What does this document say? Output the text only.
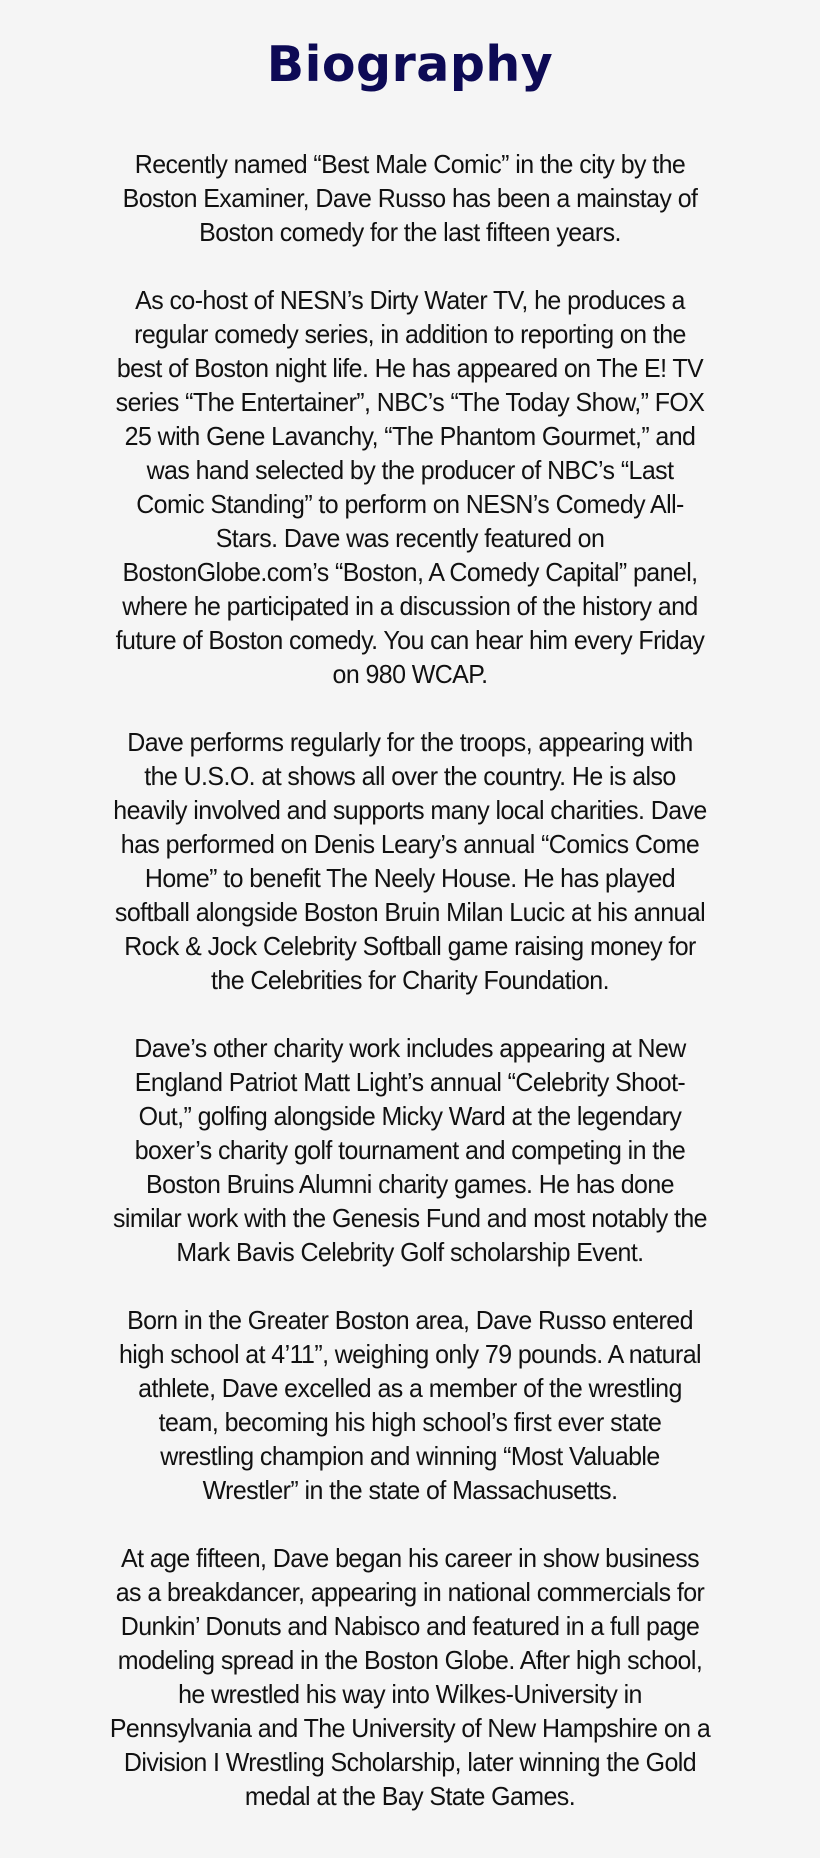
Biography

Recently named “Best Male Comic” in the city by the
Boston Examiner, Dave Russo has been a mainstay of
Boston comedy for the last fifteen years.

As co-host of NESN’s Dirty Water TV, he produces a
regular comedy series, in addition to reporting on the
best of Boston night life. He has appeared on The E! TV
series “The Entertainer”, NBC’s “The Today Show,” FOX
25 with Gene Lavanchy, “The Phantom Gourmet,” and
was hand selected by the producer of NBC’s “Last
Comic Standing” to perform on NESN’s Comedy All-
Stars. Dave was recently featured on
BostonGlobe.com’s “Boston, A Comedy Capital” panel,
where he participated in a discussion of the history and
future of Boston comedy. You can hear him every Friday
on 980 WCAP.

Dave performs regularly for the troops, appearing with
the U.S.O. at shows all over the country. He is also
heavily involved and supports many local charities. Dave
has performed on Denis Leary’s annual “Comics Come
Home” to benefit The Neely House. He has played
softball alongside Boston Bruin Milan Lucic at his annual
Rock & Jock Celebrity Softball game raising money for
the Celebrities for Charity Foundation.

Dave’s other charity work includes appearing at New
England Patriot Matt Light’s annual “Celebrity Shoot-
Out,” golfing alongside Micky Ward at the legendary
boxer’s charity golf tournament and competing in the
Boston Bruins Alumni charity games. He has done
similar work with the Genesis Fund and most notably the
Mark Bavis Celebrity Golf scholarship Event.

Born in the Greater Boston area, Dave Russo entered
high school at 4’11”, weighing only 79 pounds. A natural
athlete, Dave excelled as a member of the wrestling
team, becoming his high school’s first ever state
wrestling champion and winning “Most Valuable
Wrestler” in the state of Massachusetts.

At age fifteen, Dave began his career in show business
as a breakdancer, appearing in national commercials for
Dunkin’ Donuts and Nabisco and featured in a full page
modeling spread in the Boston Globe. After high school,
he wrestled his way into Wilkes-University in
Pennsylvania and The University of New Hampshire on a
Division I Wrestling Scholarship, later winning the Gold
medal at the Bay State Games.
